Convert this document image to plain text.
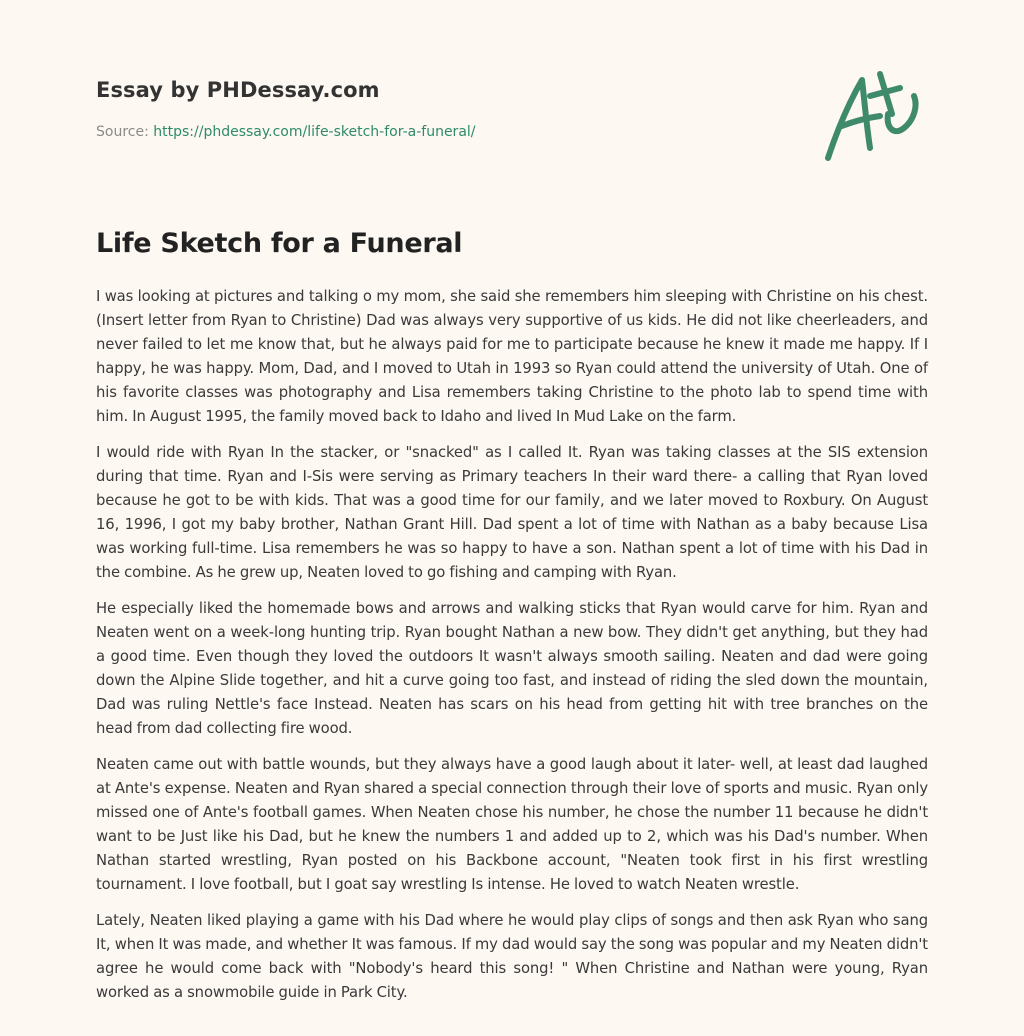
Essay by PHDessay.com
Source: https://phdessay.com/life-sketch-for-a-funeral/
Life Sketch for a Funeral

I was looking at pictures and talking o my mom, she said she remembers him sleeping with Christine on his chest. (Insert letter from Ryan to Christine) Dad was always very supportive of us kids. He did not like cheerleaders, and never failed to let me know that, but he always paid for me to participate because he knew it made me happy. If I happy, he was happy. Mom, Dad, and I moved to Utah in 1993 so Ryan could attend the university of Utah. One of his favorite classes was photography and Lisa remembers taking Christine to the photo lab to spend time with him. In August 1995, the family moved back to Idaho and lived In Mud Lake on the farm.

I would ride with Ryan In the stacker, or "snacked" as I called It. Ryan was taking classes at the SIS extension during that time. Ryan and I-Sis were serving as Primary teachers In their ward there- a calling that Ryan loved because he got to be with kids. That was a good time for our family, and we later moved to Roxbury. On August 16, 1996, I got my baby brother, Nathan Grant Hill. Dad spent a lot of time with Nathan as a baby because Lisa was working full-time. Lisa remembers he was so happy to have a son. Nathan spent a lot of time with his Dad in the combine. As he grew up, Neaten loved to go fishing and camping with Ryan.

He especially liked the homemade bows and arrows and walking sticks that Ryan would carve for him. Ryan and Neaten went on a week-long hunting trip. Ryan bought Nathan a new bow. They didn't get anything, but they had a good time. Even though they loved the outdoors It wasn't always smooth sailing. Neaten and dad were going down the Alpine Slide together, and hit a curve going too fast, and instead of riding the sled down the mountain, Dad was ruling Nettle's face Instead. Neaten has scars on his head from getting hit with tree branches on the head from dad collecting fire wood.

Neaten came out with battle wounds, but they always have a good laugh about it later- well, at least dad laughed at Ante's expense. Neaten and Ryan shared a special connection through their love of sports and music. Ryan only missed one of Ante's football games. When Neaten chose his number, he chose the number 11 because he didn't want to be Just like his Dad, but he knew the numbers 1 and added up to 2, which was his Dad's number. When Nathan started wrestling, Ryan posted on his Backbone account, "Neaten took first in his first wrestling tournament. I love football, but I goat say wrestling Is intense. He loved to watch Neaten wrestle.

Lately, Neaten liked playing a game with his Dad where he would play clips of songs and then ask Ryan who sang It, when It was made, and whether It was famous. If my dad would say the song was popular and my Neaten didn't agree he would come back with "Nobody's heard this song! " When Christine and Nathan were young, Ryan worked as a snowmobile guide in Park City.
